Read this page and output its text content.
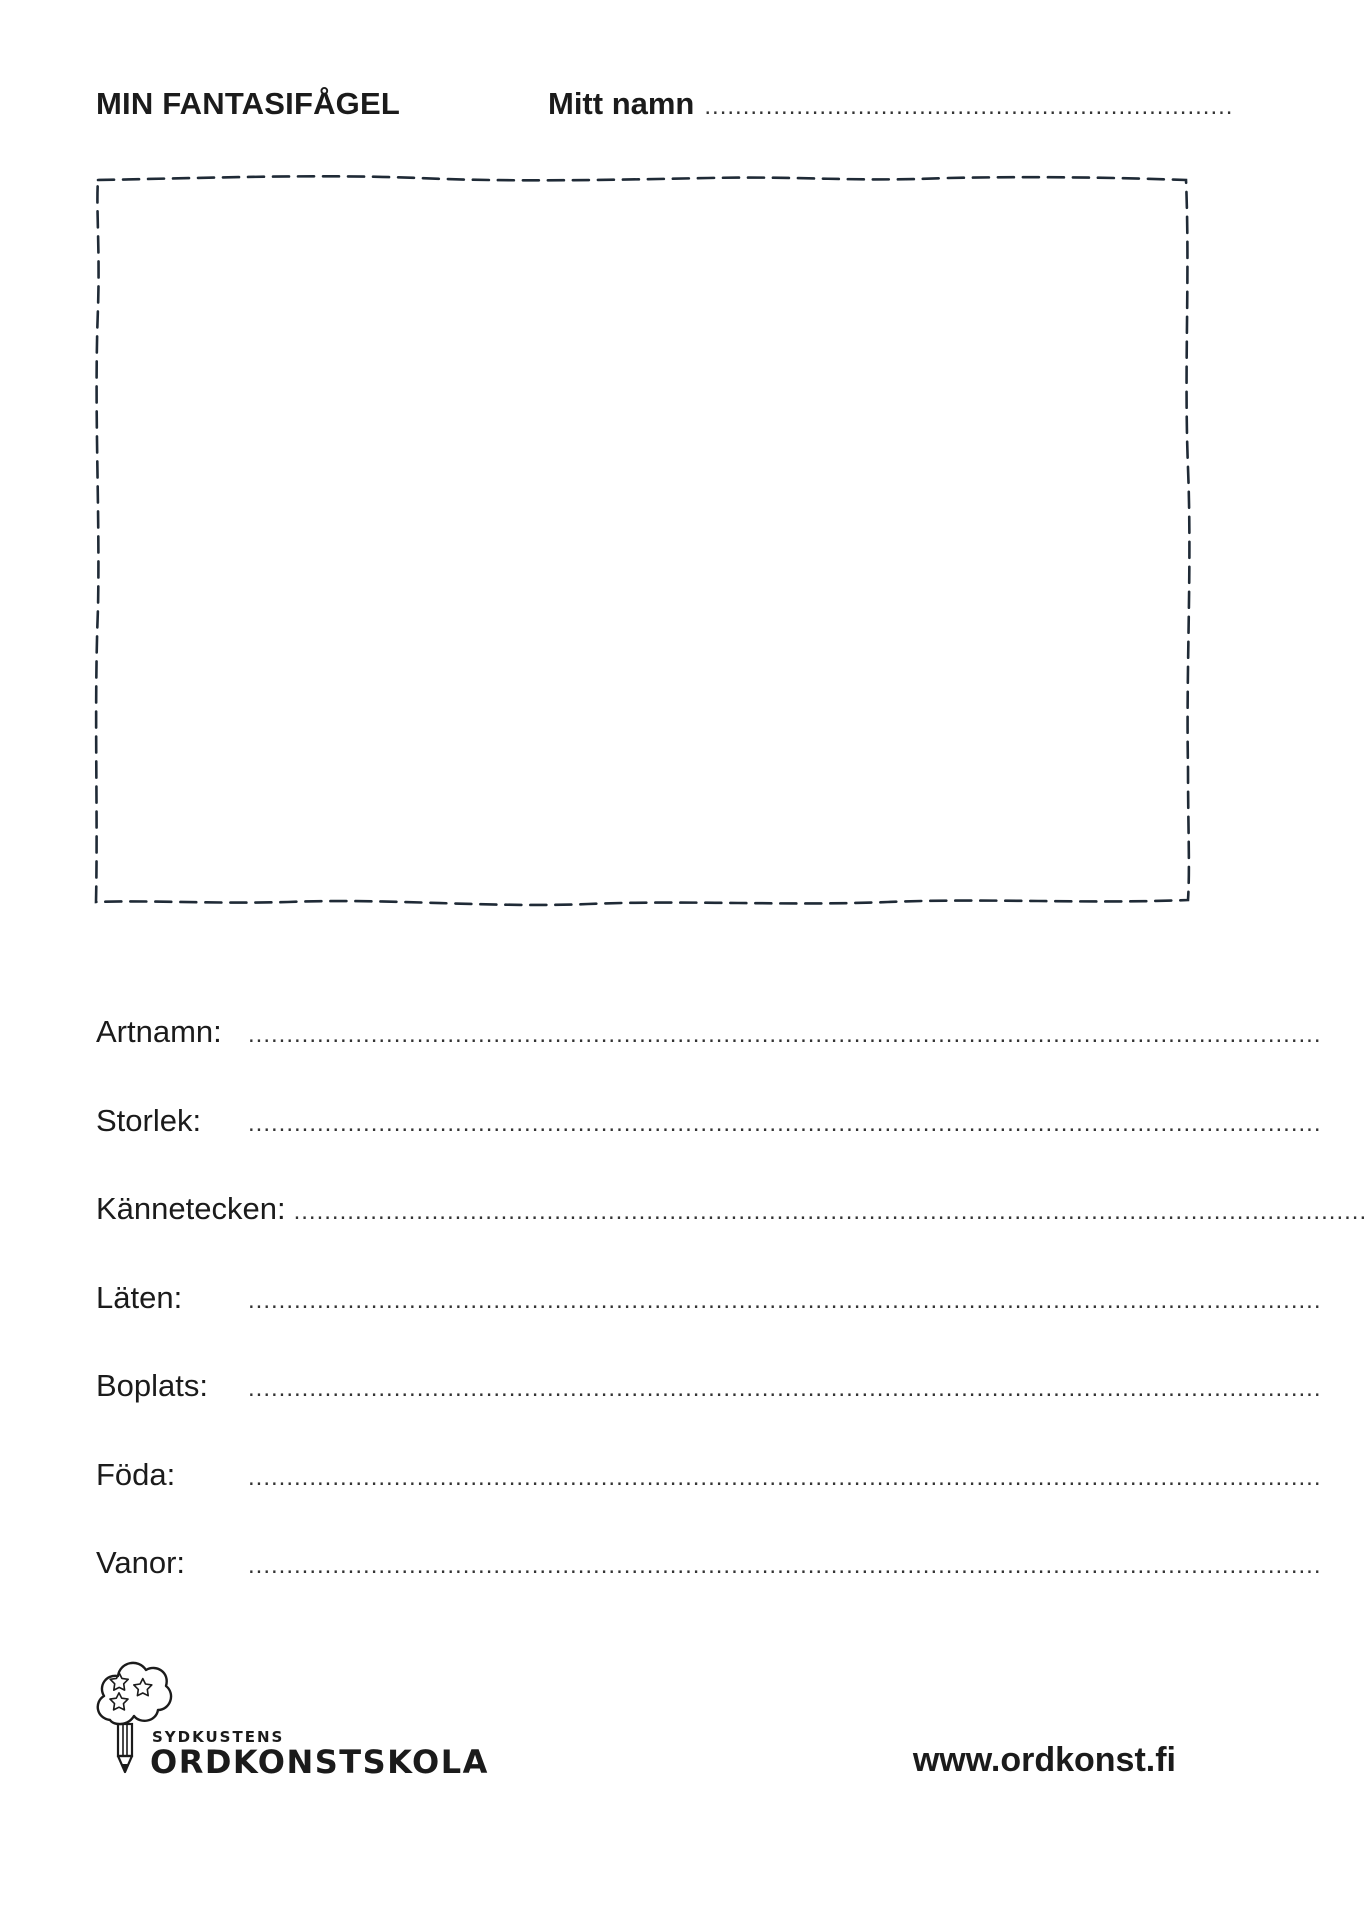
MIN FANTASIFÅGEL	Mitt namn .....................................................................
Artnamn:	............................................................................................................................................
Storlek:	............................................................................................................................................
Kännetecken: ............................................................................................................................................
Läten:	............................................................................................................................................
Boplats:	............................................................................................................................................
Föda:	............................................................................................................................................
Vanor:	............................................................................................................................................
SYDKUSTENS
ORDKONSTSKOLA	www.ordkonst.fi
